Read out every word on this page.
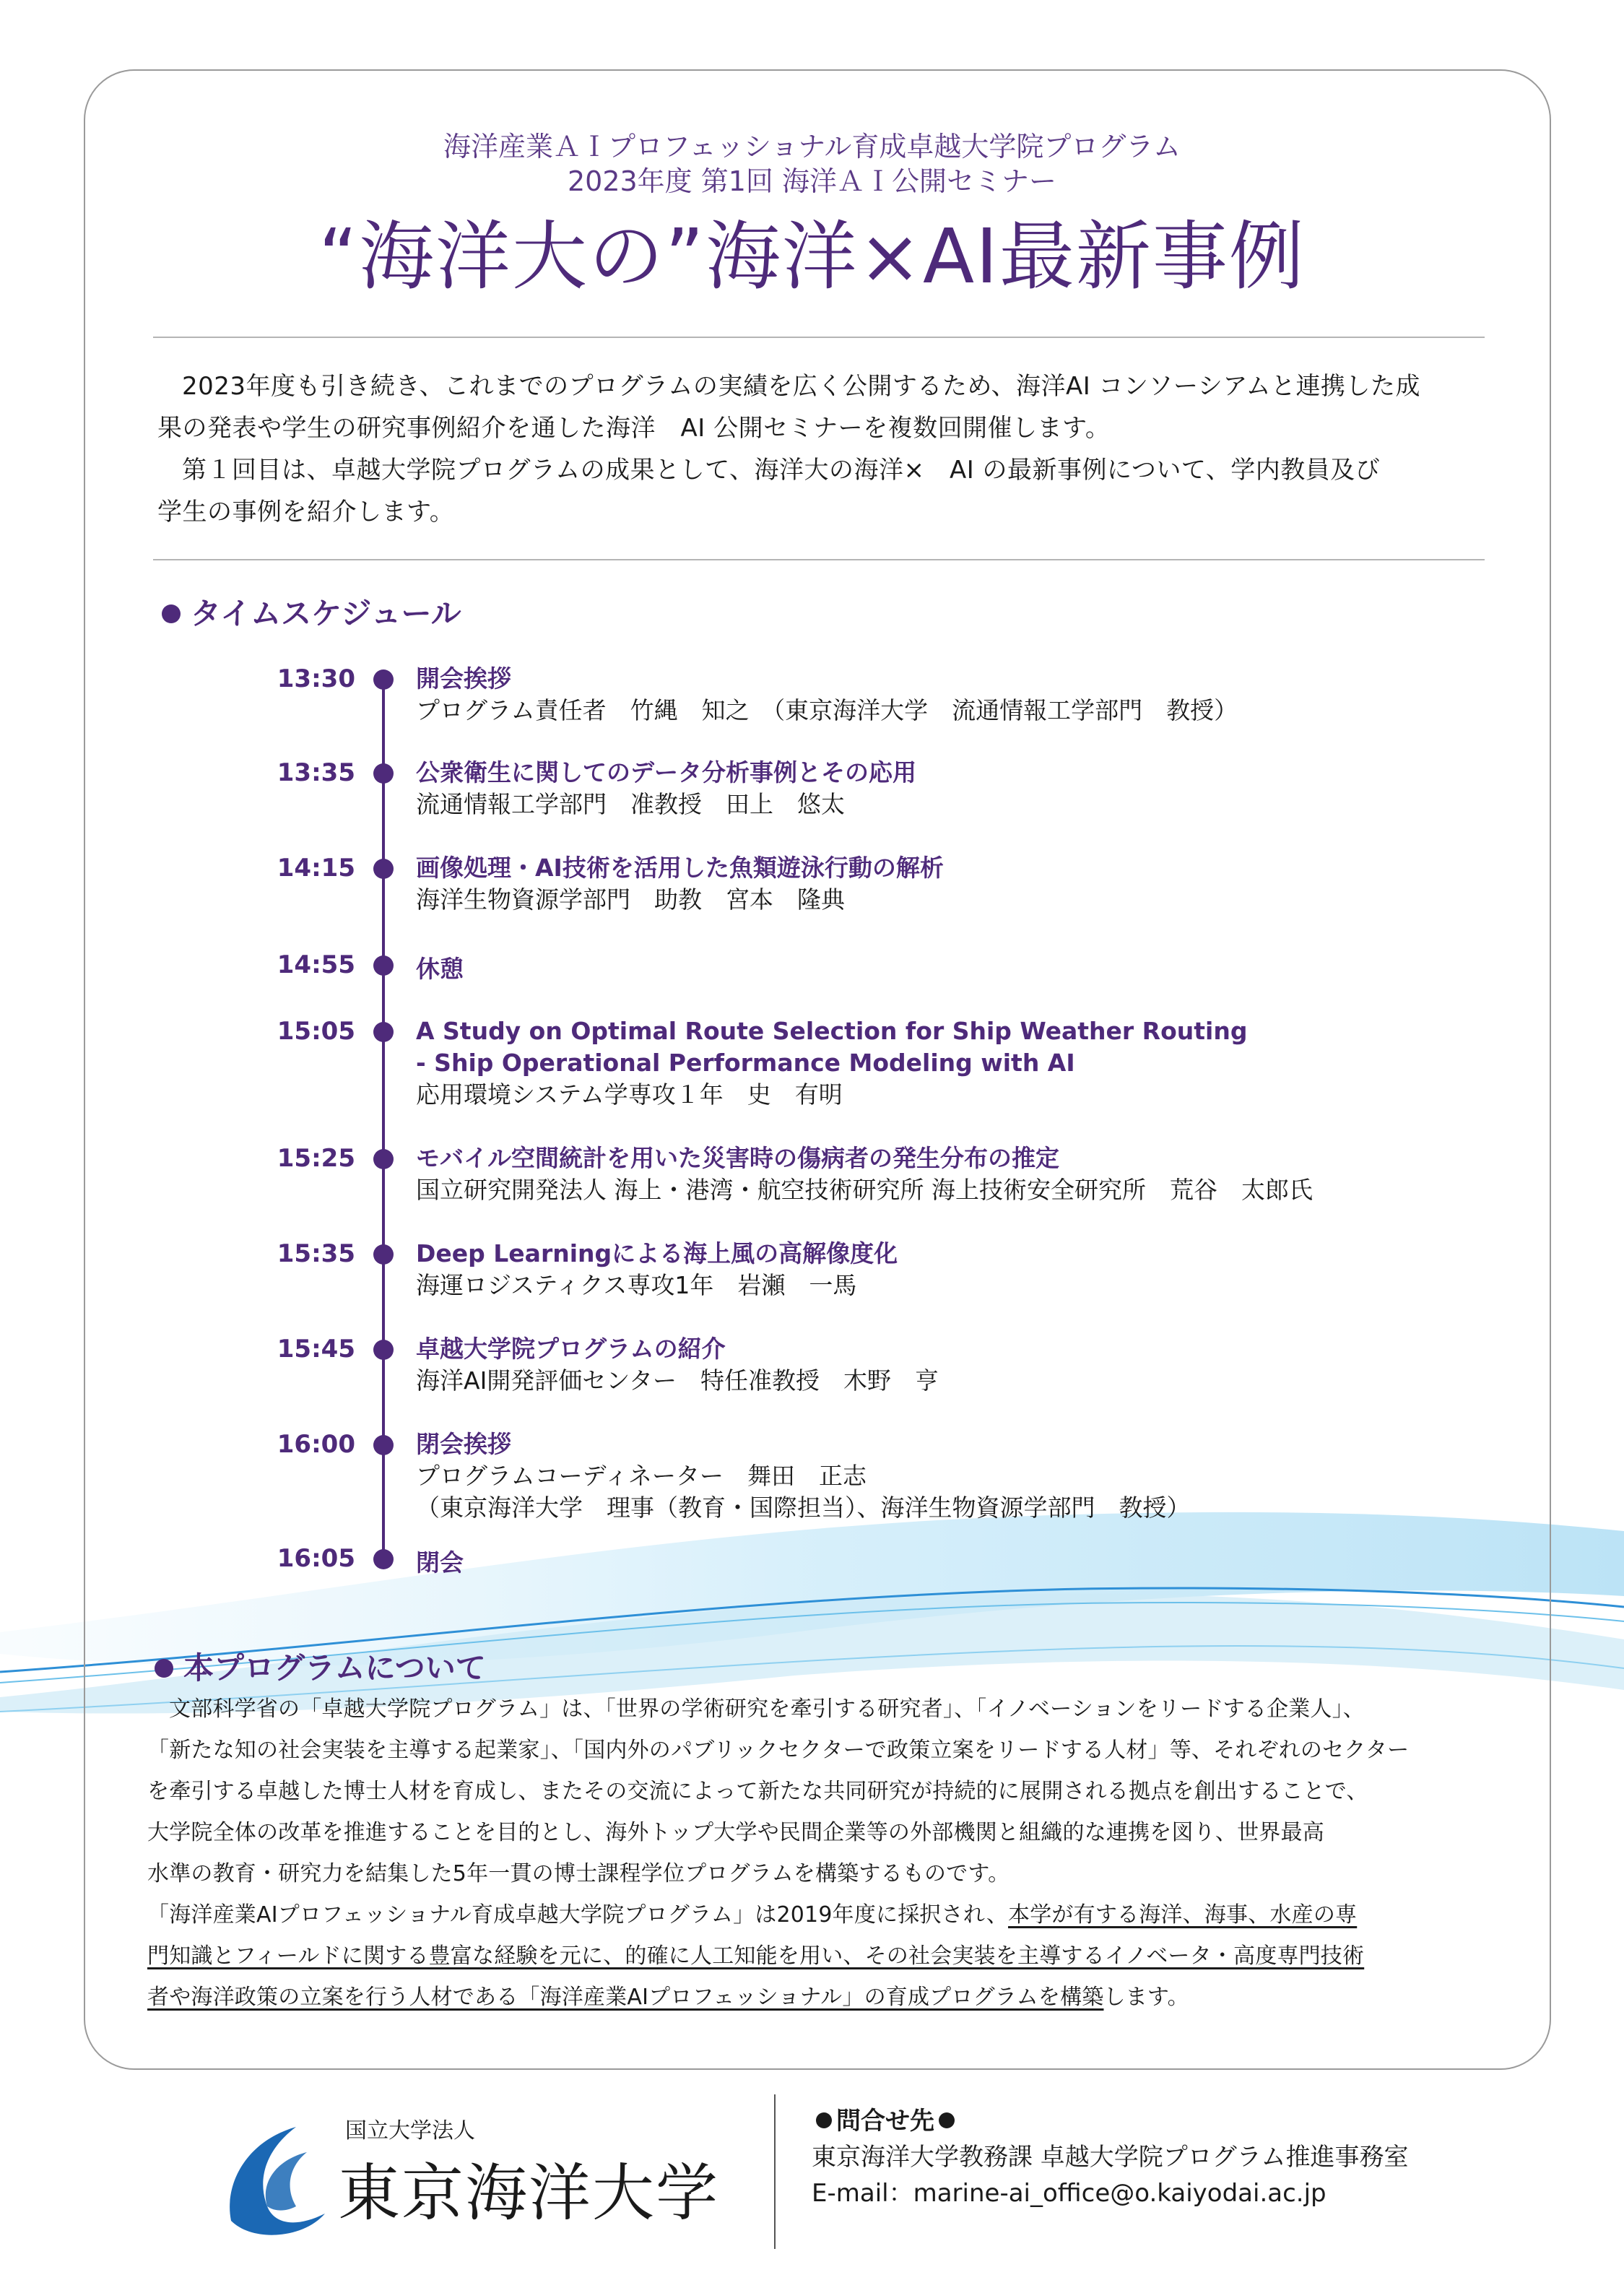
海洋産業ＡＩプロフェッショナル育成卓越大学院プログラム
2023年度 第1回 海洋ＡＩ公開セミナー
“海洋大の”海洋×AI最新事例

2023年度も引き続き、これまでのプログラムの実績を広く公開するため、海洋AI コンソーシアムと連携した成

果の発表や学生の研究事例紹介を通した海洋　AI 公開セミナーを複数回開催します。

第１回目は、卓越大学院プログラムの成果として、海洋大の海洋×　AI の最新事例について、学内教員及び

学生の事例を紹介します。

タイムスケジュール
13:30	開会挨拶
プログラム責任者　竹縄　知之　（東京海洋大学　流通情報工学部門　教授）
13:35	公衆衛生に関してのデータ分析事例とその応用
流通情報工学部門　准教授　田上　悠太
14:15	画像処理・AI技術を活用した魚類遊泳行動の解析
海洋生物資源学部門　助教　宮本　隆典
14:55	休憩
15:05	A Study on Optimal Route Selection for Ship Weather Routing
- Ship Operational Performance Modeling with AI
応用環境システム学専攻１年　史　有明
15:25	モバイル空間統計を用いた災害時の傷病者の発生分布の推定
国立研究開発法人 海上・港湾・航空技術研究所 海上技術安全研究所　荒谷　太郎氏
15:35	Deep Learningによる海上風の高解像度化
海運ロジスティクス専攻1年　岩瀬　一馬
15:45	卓越大学院プログラムの紹介
海洋AI開発評価センター　特任准教授　木野　亨
16:00	閉会挨拶
プログラムコーディネーター　舞田　正志
（東京海洋大学　理事（教育・国際担当）、海洋生物資源学部門　教授）
16:05	閉会
本プログラムについて

文部科学省の「卓越大学院プログラム」は、「世界の学術研究を牽引する研究者」、「イノベーションをリードする企業人」、

「新たな知の社会実装を主導する起業家」、「国内外のパブリックセクターで政策立案をリードする人材」等、それぞれのセクター

を牽引する卓越した博士人材を育成し、またその交流によって新たな共同研究が持続的に展開される拠点を創出することで、

大学院全体の改革を推進することを目的とし、海外トップ大学や民間企業等の外部機関と組織的な連携を図り、世界最高

水準の教育・研究力を結集した5年一貫の博士課程学位プログラムを構築するものです。

「海洋産業AIプロフェッショナル育成卓越大学院プログラム」は2019年度に採択され、本学が有する海洋、海事、水産の専

門知識とフィールドに関する豊富な経験を元に、的確に人工知能を用い、その社会実装を主導するイノベータ・高度専門技術

者や海洋政策の立案を行う人材である「海洋産業AIプロフェッショナル」の育成プログラムを構築します。

国立大学法人
東京海洋大学
問合せ先
東京海洋大学教務課 卓越大学院プログラム推進事務室
E-mail：marine-ai_office@o.kaiyodai.ac.jp
